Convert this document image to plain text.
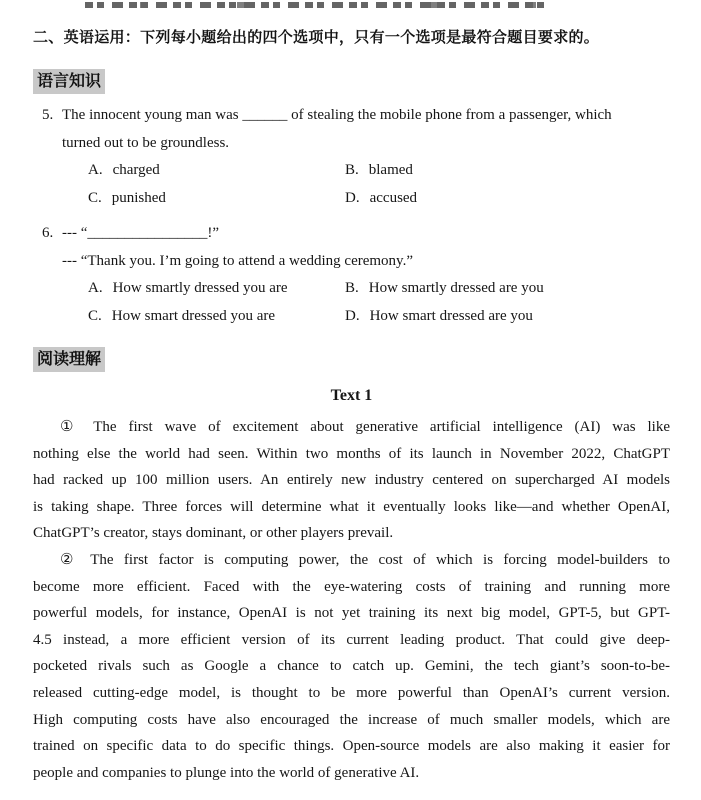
二、英语运用：下列每小题给出的四个选项中，只有一个选项是最符合题目要求的。
语言知识
5. The innocent young man was ______ of stealing the mobile phone from a passenger, which
turned out to be groundless.
A. charged	B. blamed
C. punished	D. accused
6. --- “________________!”
--- “Thank you. I’m going to attend a wedding ceremony.”
A. How smartly dressed you are	B. How smartly dressed are you
C. How smart dressed you are	D. How smart dressed are you
阅读理解
Text 1
① The first wave of excitement about generative artificial intelligence (AI) was like
nothing else the world had seen. Within two months of its launch in November 2022, ChatGPT
had racked up 100 million users. An entirely new industry centered on supercharged AI models
is taking shape. Three forces will determine what it eventually looks like—and whether OpenAI,
ChatGPT’s creator, stays dominant, or other players prevail.
② The first factor is computing power, the cost of which is forcing model-builders to
become more efficient. Faced with the eye-watering costs of training and running more
powerful models, for instance, OpenAI is not yet training its next big model, GPT-5, but GPT-
4.5 instead, a more efficient version of its current leading product. That could give deep-
pocketed rivals such as Google a chance to catch up. Gemini, the tech giant’s soon-to-be-
released cutting-edge model, is thought to be more powerful than OpenAI’s current version.
High computing costs have also encouraged the increase of much smaller models, which are
trained on specific data to do specific things. Open-source models are also making it easier for
people and companies to plunge into the world of generative AI.
